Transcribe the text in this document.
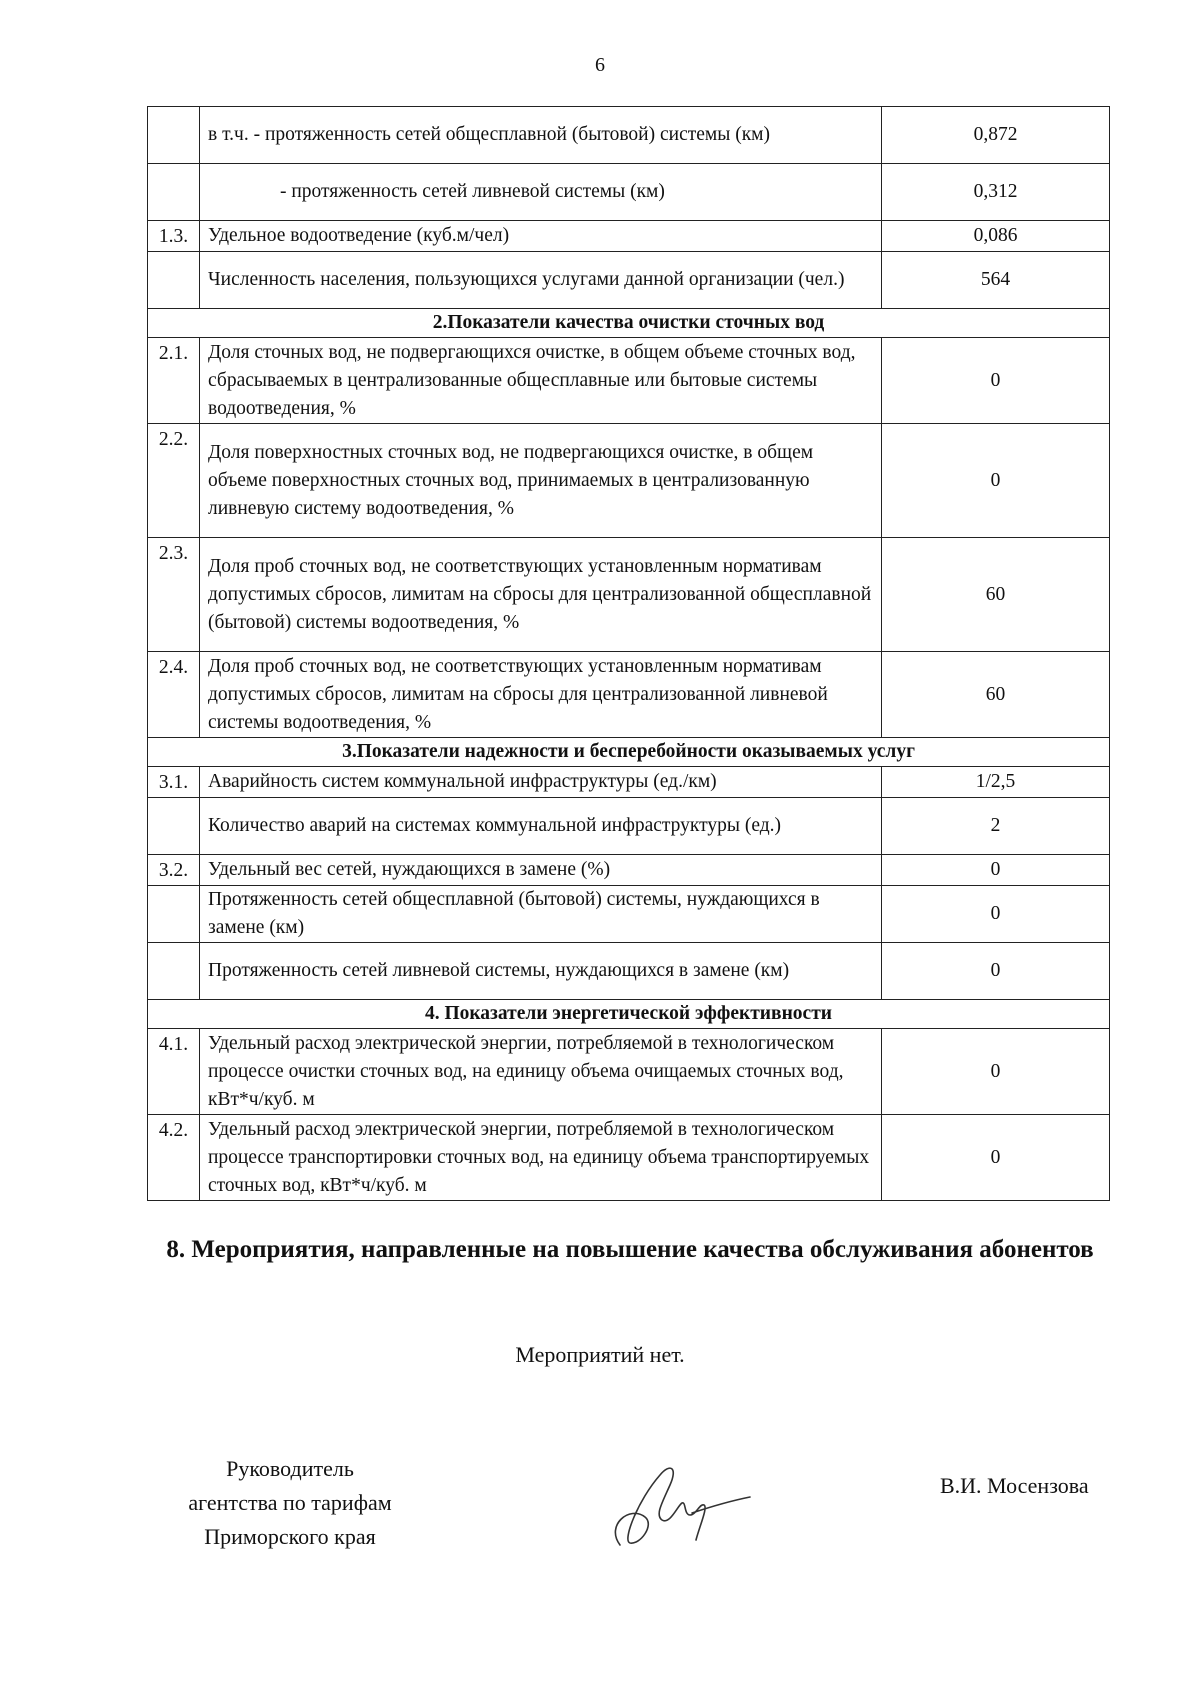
6
	в т.ч. - протяженность сетей общесплавной (бытовой) системы (км)	0,872
	- протяженность сетей ливневой системы (км)	0,312
1.3.	Удельное водоотведение (куб.м/чел)	0,086
	Численность населения, пользующихся услугами данной организации (чел.)	564
2.Показатели качества очистки сточных вод		
2.1.	Доля сточных вод, не подвергающихся очистке, в общем объеме сточных вод, сбрасываемых в централизованные общесплавные или бытовые системы водоотведения, %	0
2.2.	Доля поверхностных сточных вод, не подвергающихся очистке, в общем объеме поверхностных сточных вод, принимаемых в централизованную ливневую систему водоотведения, %	0
2.3.	Доля проб сточных вод, не соответствующих установленным нормативам допустимых сбросов, лимитам на сбросы для централизованной общесплавной (бытовой) системы водоотведения, %	60
2.4.	Доля проб сточных вод, не соответствующих установленным нормативам допустимых сбросов, лимитам на сбросы для централизованной ливневой системы водоотведения, %	60
3.Показатели надежности и бесперебойности оказываемых услуг		
3.1.	Аварийность систем коммунальной инфраструктуры (ед./км)	1/2,5
	Количество аварий на системах коммунальной инфраструктуры (ед.)	2
3.2.	Удельный вес сетей, нуждающихся в замене (%)	0
	Протяженность сетей общесплавной (бытовой) системы, нуждающихся в замене (км)	0
	Протяженность сетей ливневой системы, нуждающихся в замене (км)	0
4. Показатели энергетической эффективности		
4.1.	Удельный расход электрической энергии, потребляемой в технологическом процессе очистки сточных вод, на единицу объема очищаемых сточных вод, кВт*ч/куб. м	0
4.2.	Удельный расход электрической энергии, потребляемой в технологическом процессе транспортировки сточных вод, на единицу объема транспортируемых сточных вод, кВт*ч/куб. м	0
8. Мероприятия, направленные на повышение качества обслуживания абонентов
Мероприятий нет.
Руководитель
агентства по тарифам
Приморского края
В.И. Мосензова
